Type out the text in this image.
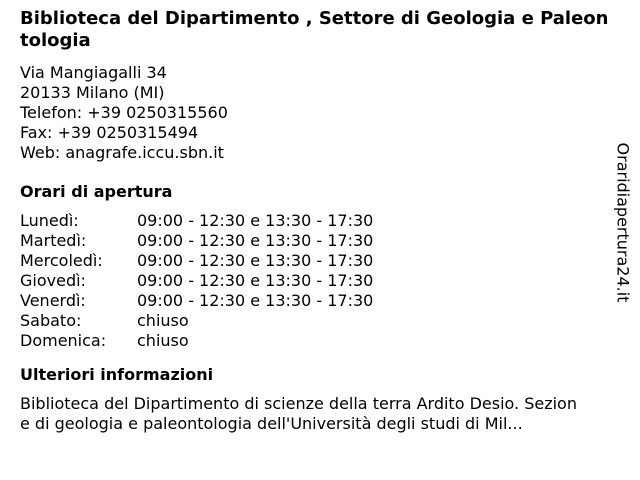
Biblioteca del Dipartimento , Settore di Geologia e Paleontologia
Via Mangiagalli 34
20133 Milano (MI)
Telefon: +39 0250315560
Fax: +39 0250315494
Web: anagrafe.iccu.sbn.it
Orari di apertura
Lunedì:	09:00 - 12:30 e 13:30 - 17:30
Martedì:	09:00 - 12:30 e 13:30 - 17:30
Mercoledì:	09:00 - 12:30 e 13:30 - 17:30
Giovedì:	09:00 - 12:30 e 13:30 - 17:30
Venerdì:	09:00 - 12:30 e 13:30 - 17:30
Sabato:	chiuso
Domenica:	chiuso
Ulteriori informazioni
Biblioteca del Dipartimento di scienze della terra Ardito Desio. Sezione di geologia e paleontologia dell'Università degli studi di Mil...
Oraridiapertura24.it
